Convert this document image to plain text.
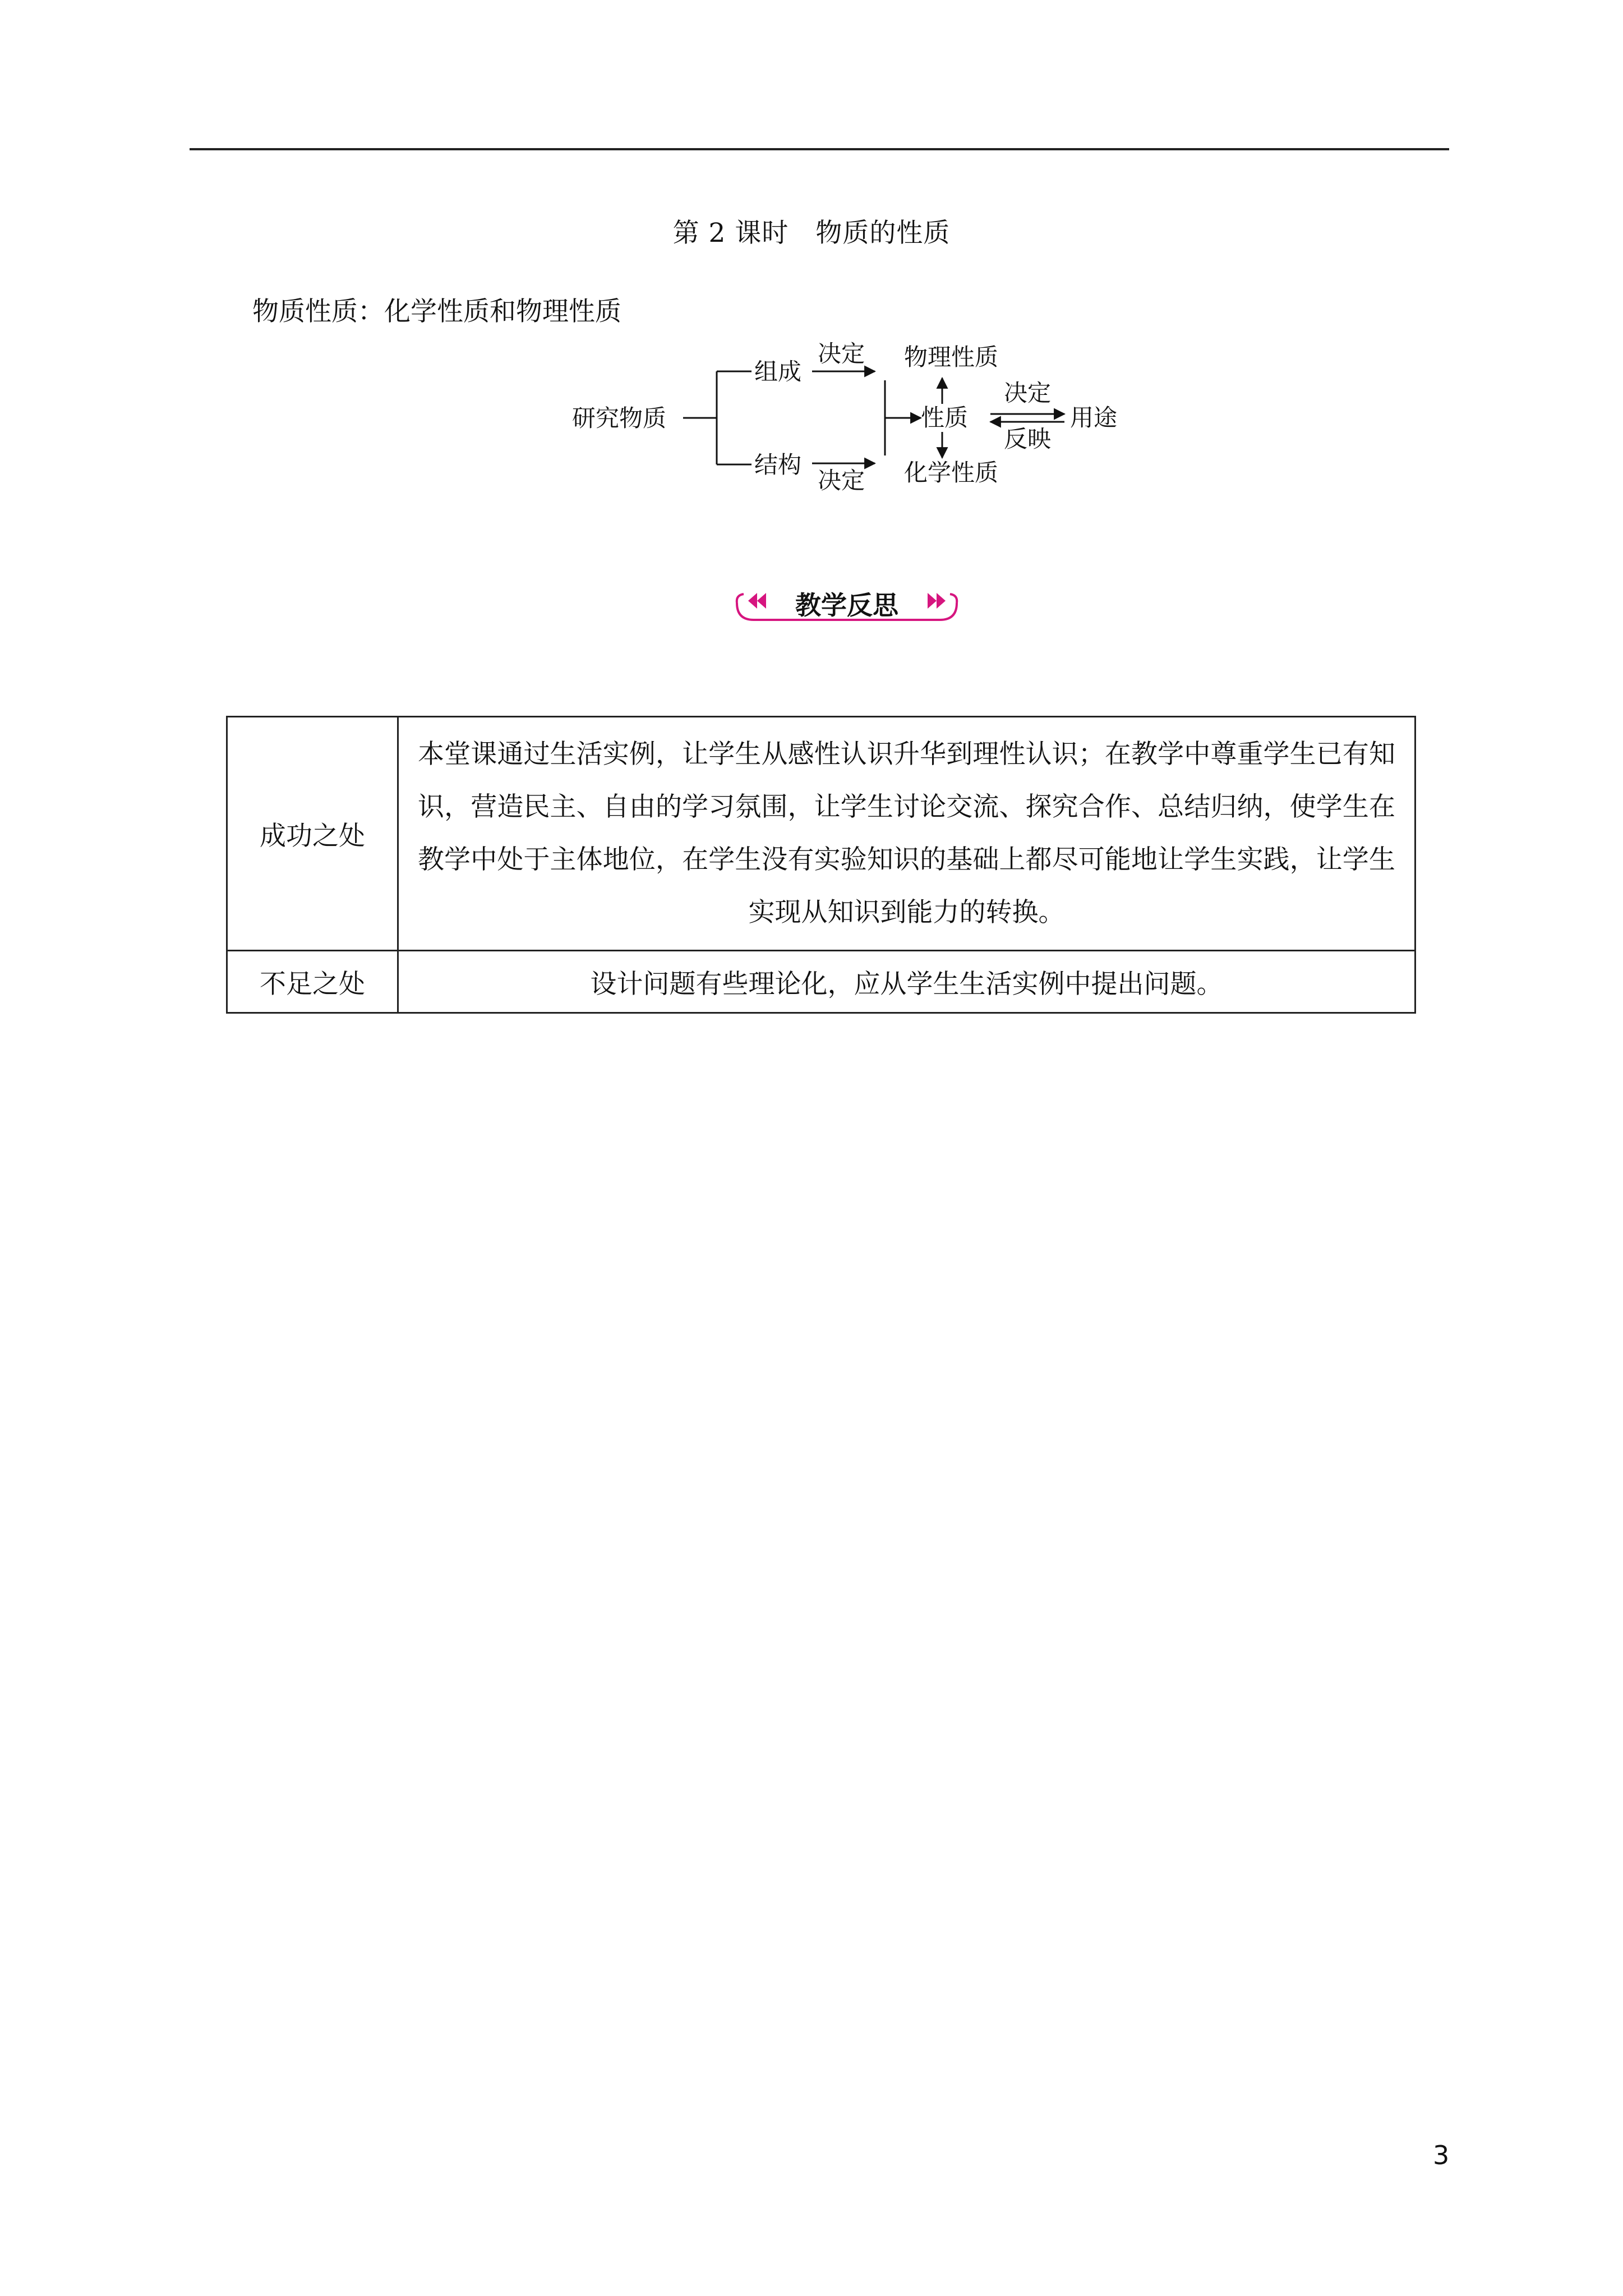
第 2 课时　物质的性质
物质性质：化学性质和物理性质
研究物质
组成
结构
决定
决定
物理性质
性质
化学性质
决定
反映
用途
教学反思
成功之处	本堂课通过生活实例，让学生从感性认识升华到理性认识；在教学中尊重学生已有知识，营造民主、自由的学习氛围，让学生讨论交流、探究合作、总结归纳，使学生在教学中处于主体地位，在学生没有实验知识的基础上都尽可能地让学生实践，让学生实现从知识到能力的转换。
不足之处	设计问题有些理论化，应从学生生活实例中提出问题。
3
